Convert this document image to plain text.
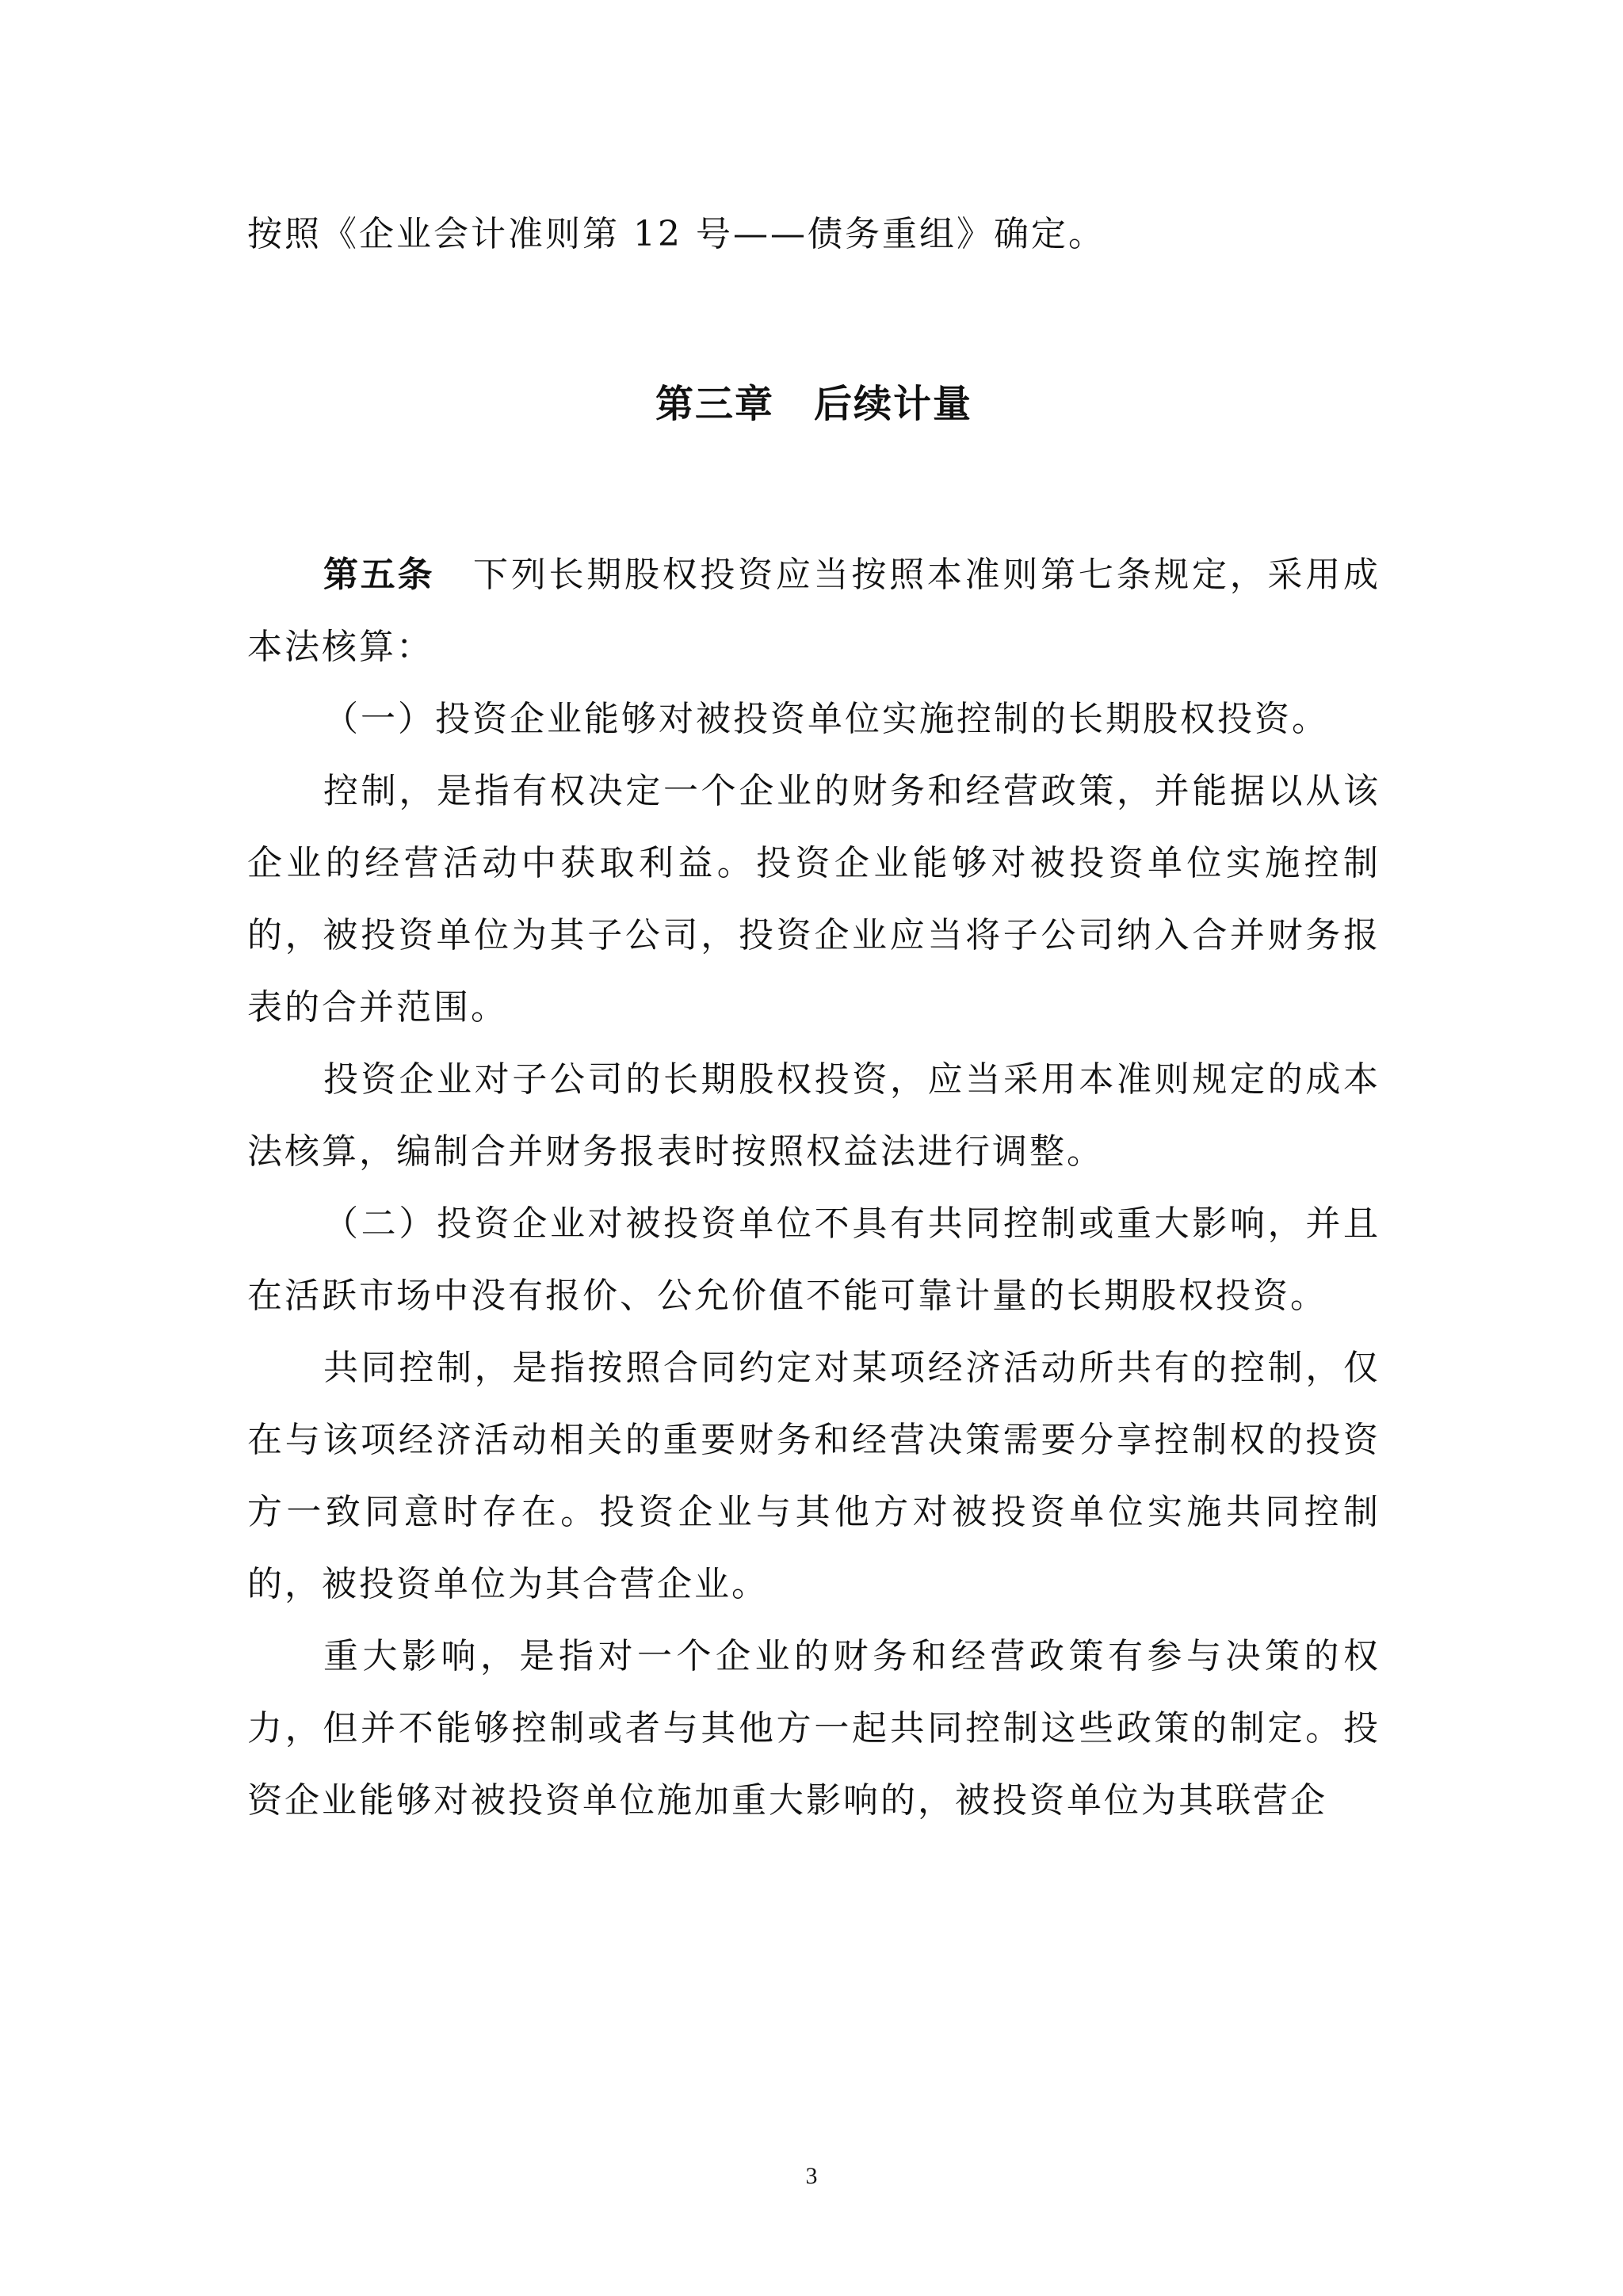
按照《企业会计准则第 12 号——债务重组》确定。

第三章　后续计量

第五条 下列长期股权投资应当按照本准则第七条规定，采用成本法核算：

（一）投资企业能够对被投资单位实施控制的长期股权投资。

控制，是指有权决定一个企业的财务和经营政策，并能据以从该企业的经营活动中获取利益。投资企业能够对被投资单位实施控制的，被投资单位为其子公司，投资企业应当将子公司纳入合并财务报表的合并范围。

投资企业对子公司的长期股权投资，应当采用本准则规定的成本法核算，编制合并财务报表时按照权益法进行调整。

（二）投资企业对被投资单位不具有共同控制或重大影响，并且在活跃市场中没有报价、公允价值不能可靠计量的长期股权投资。

共同控制，是指按照合同约定对某项经济活动所共有的控制，仅在与该项经济活动相关的重要财务和经营决策需要分享控制权的投资方一致同意时存在。投资企业与其他方对被投资单位实施共同控制的，被投资单位为其合营企业。

重大影响，是指对一个企业的财务和经营政策有参与决策的权力，但并不能够控制或者与其他方一起共同控制这些政策的制定。投资企业能够对被投资单位施加重大影响的，被投资单位为其联营企

3
